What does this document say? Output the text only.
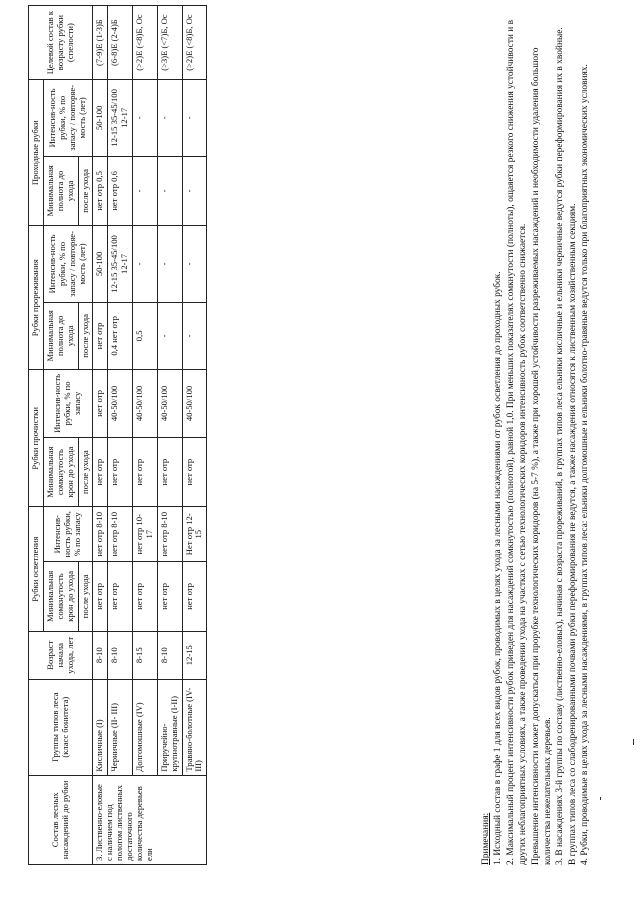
Состав лесных насаждений до рубки	Группы типов леса (класс бонитета)	Возраст начала ухода, лет	Рубки осветления		Рубки прочистки		Рубки прореживания		Проходные рубки		Целевой состав к возрасту рубки (спелости)
			Минимальная сомкнутость крон до ухода	Интенсив-ность рубки, % по запасу	Минимальная сомкнутость крон до ухода	Интенсив-ность рубки, % по запасу	Минимальная полнота до ухода	Интенсив-ность рубки, % по запасу / повторяе-мость (лет)	Минимальная полнота до ухода	Интенсив-ность рубки, % по запасу / повторяе-мость (лет)	
			после ухода		после ухода		после ухода		после ухода		
3. Лиственно-еловые с наличием под пологом лиственных достаточного количества деревьев ели	Кисличные (I)	8-10	нет отр	нет отр 8-10	нет отр	нет отр	нет отр	50-100	нет отр 0,5	50-100	(7-9)Е (1-3)Б
	Черничные (II- III)	8-10	нет отр	нет отр 8-10	нет отр	40-50/100	0,4 нет отр	12-15 35-45/100 12-17	нет отр 0,6	12-15 35-45/100 12-17	(6-8)Е (2-4)Б
	Долгомошные (IV)	8-15	нет отр	нет отр 10-17	нет отр	40-50/100	0,5	-	-	-	(>2)Е (<8)Б, Ос
	Приручейно-крупнотравные (I-II)	8-10	нет отр	нет отр 8-10	нет отр	40-50/100	-	-	-	-	(>3)Е (<7)Б, Ос
	Травяно-болотные (IV-III)	12-15	нет отр	Нет отр 12-15	нет отр	40-50/100	-	-	-	-	(>2)Е (<8)Б, Ос

Примечания: 1. Исходный состав в графе 1 для всех видов рубок, проводимых в целях ухода за лесными насаждениями от рубок осветления до проходных рубок. 2. Максимальный процент интенсивности рубок приведен для насаждений сомкнутостью (полнотой), равной 1,0. При меньших показателях сомкнутости (полноты), ощаяется резкого снижения устойчивости и в других неблагоприятных условиях, а также проведении ухода на участках с сетью технологических коридоров интенсивность рубок соответственно снижается. Превышение интенсивности может допускаться при прорубке технологических коридоров (на 5-7 %), а также при хорошей устойчивости разреживаемых насаждений и необходимости удаления большого количества нежелательных деревьев. 3. В насаждениях 3-й группы по составу (лиственно-еловых), начиная с возраста прореживаний, в группах типов леса ельники кисличные и ельники черничные ведутся рубки переформирования их в хвойные. В группах типов леса со слабодренированными почвами рубки переформирования не ведутся, а также насаждения относятся к лиственным хозяйственным секциям. 4. Рубки, проводимые в целях ухода за лесными насаждениями, в группах типов леса: ельники долгомошные и ельники болотно-травяные ведутся только при благоприятных экономических условиях.
